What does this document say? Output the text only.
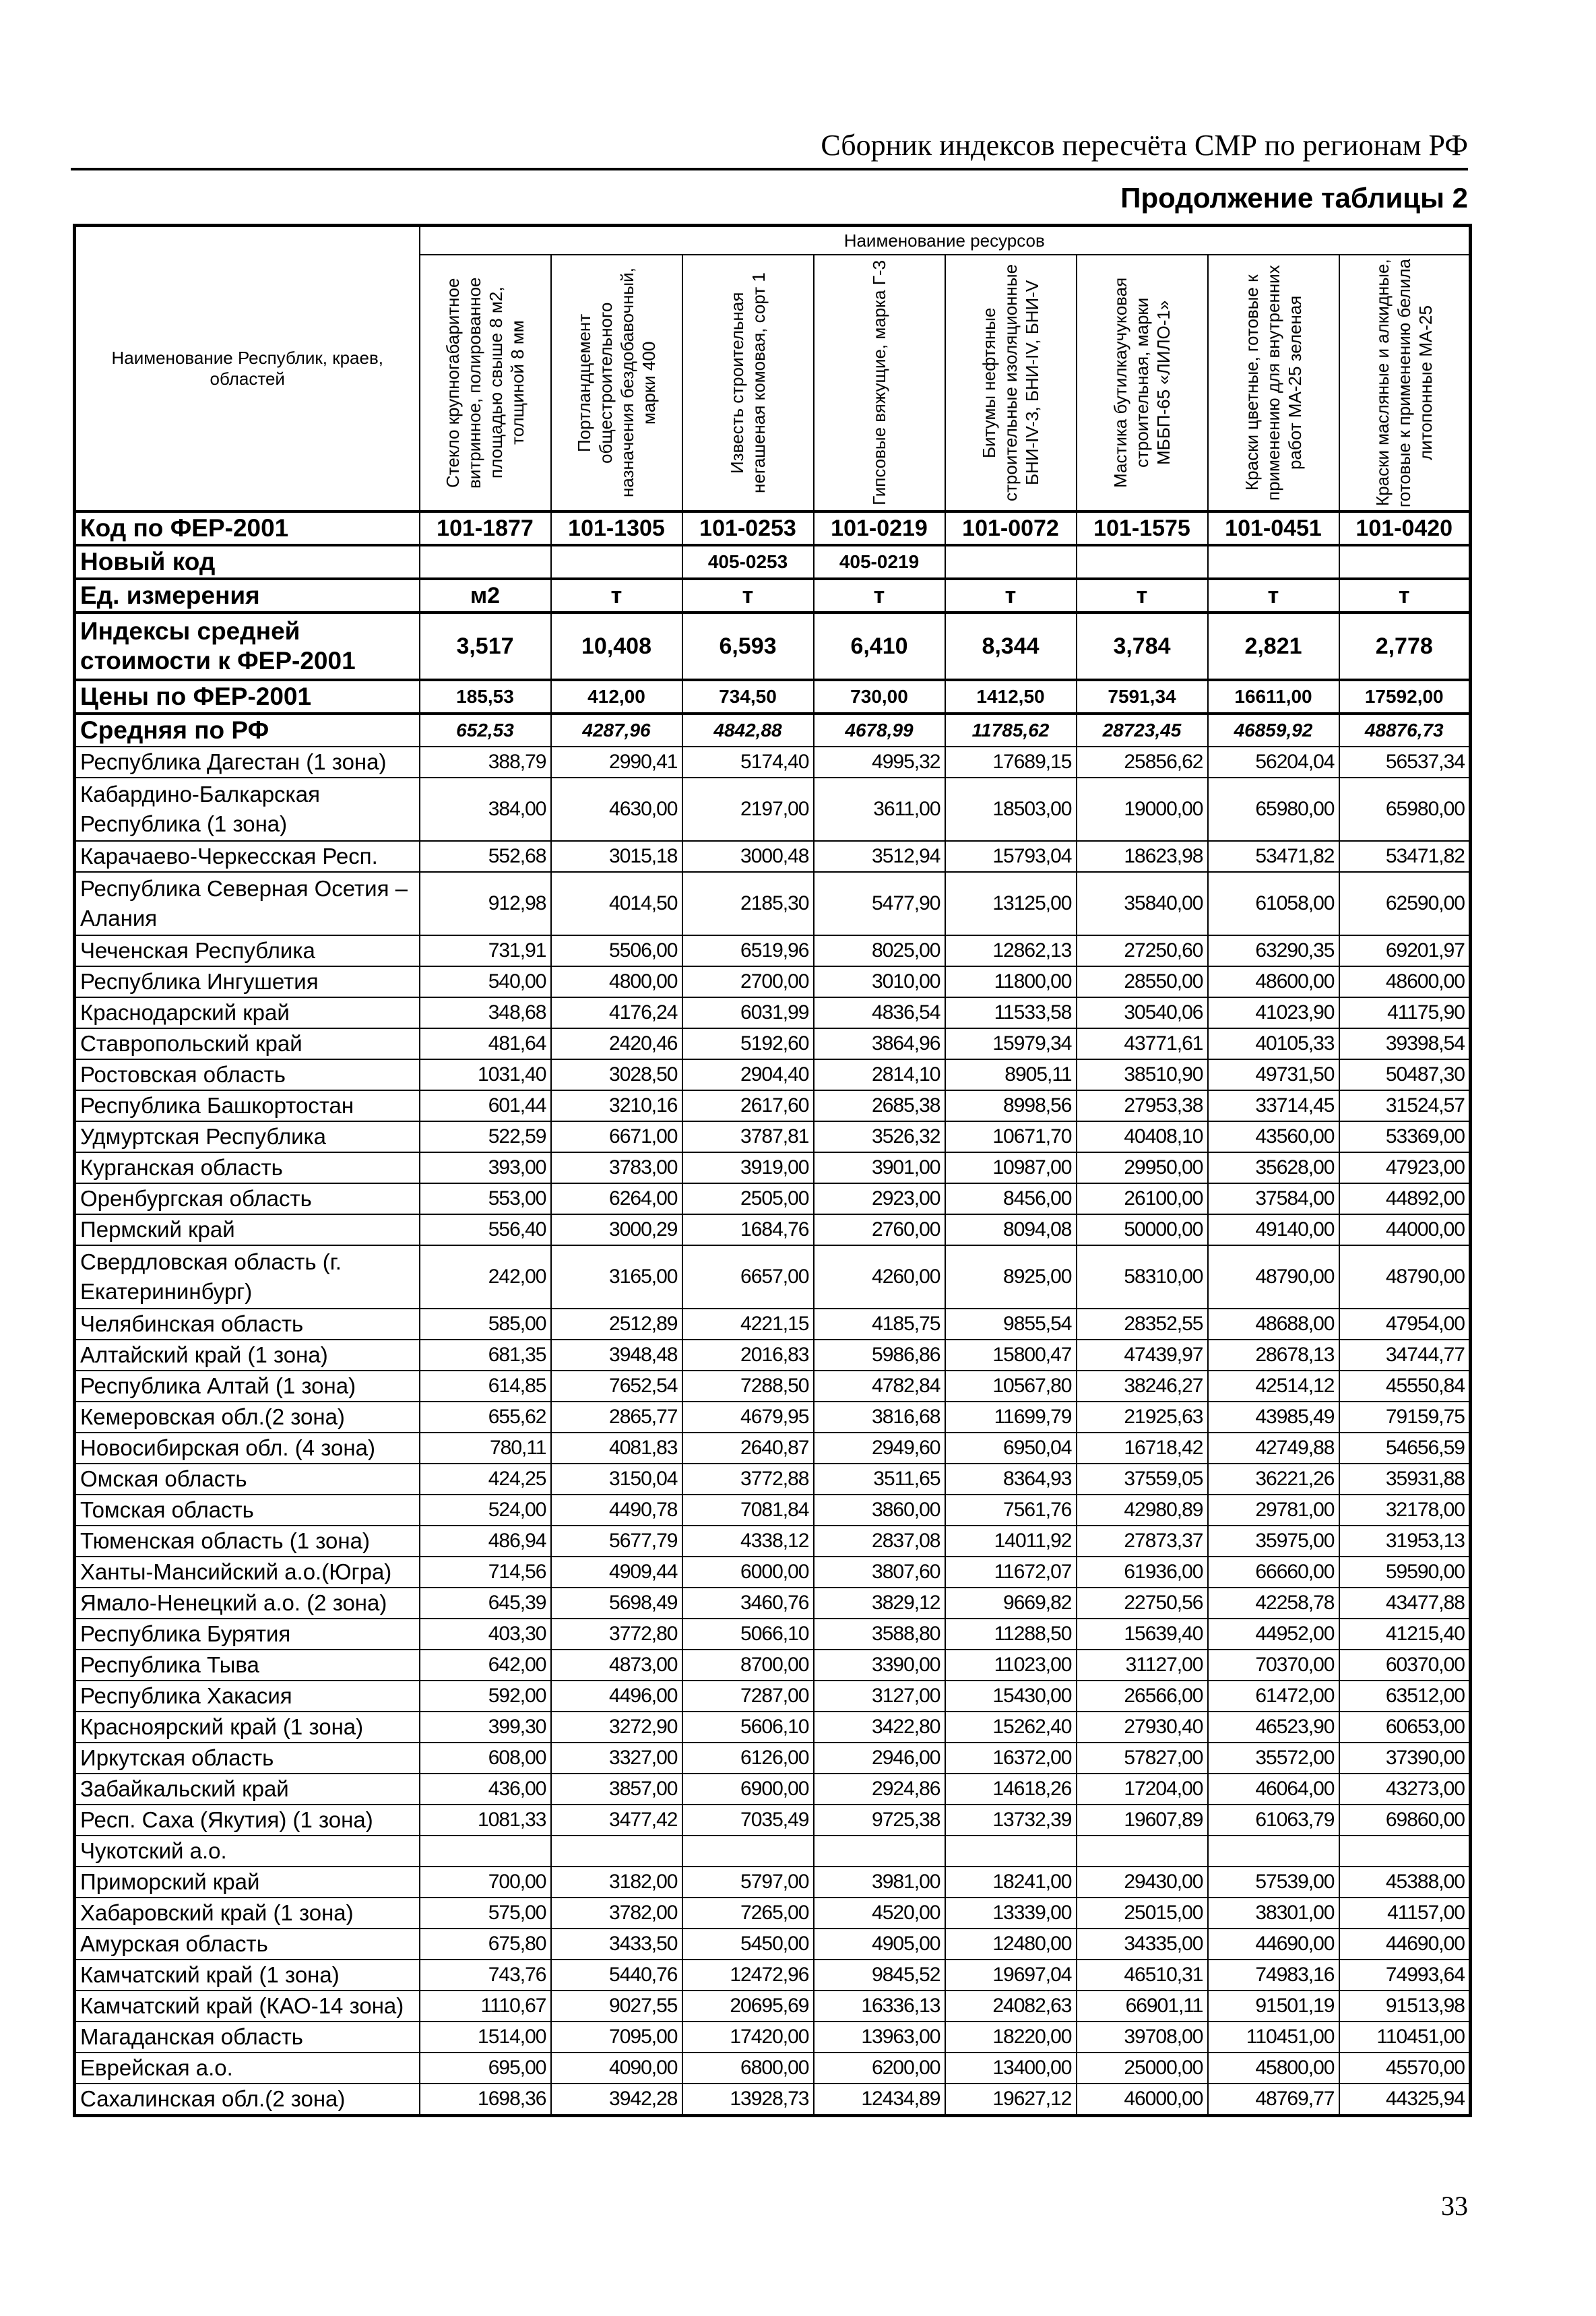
Сборник индексов пересчёта СМР по регионам РФ
Продолжение таблицы 2
Наименование Республик, краев, областей	Наименование ресурсов							

	Стекло крупногабаритное витринное, полированное площадью свыше 8 м2, толщиной 8 мм	Портландцемент общестроительного назначения бездобавочный, марки 400	Известь строительная негашеная комовая, сорт 1	Гипсовые вяжущие, марка Г-3	Битумы нефтяные строительные изоляционные БНИ-IV-3, БНИ-IV, БНИ-V	Мастика бутилкаучуковая строительная, марки МББП-65 «ЛИЛО-1»	Краски цветные, готовые к применению для внутренних работ МА-25 зеленая	Краски масляные и алкидные, готовые к применению белила литопонные МА-25

Код по ФЕР-2001	101-1877	101-1305	101-0253	101-0219	101-0072	101-1575	101-0451	101-0420
Новый код			405-0253	405-0219				
Ед. измерения	м2	т	т	т	т	т	т	т
Индексы средней стоимости к ФЕР-2001	3,517	10,408	6,593	6,410	8,344	3,784	2,821	2,778
Цены по ФЕР-2001	185,53	412,00	734,50	730,00	1412,50	7591,34	16611,00	17592,00
Средняя по РФ	652,53	4287,96	4842,88	4678,99	11785,62	28723,45	46859,92	48876,73
Республика Дагестан (1 зона)	388,79	2990,41	5174,40	4995,32	17689,15	25856,62	56204,04	56537,34
Кабардино-Балкарская Республика (1 зона)	384,00	4630,00	2197,00	3611,00	18503,00	19000,00	65980,00	65980,00
Карачаево-Черкесская Респ.	552,68	3015,18	3000,48	3512,94	15793,04	18623,98	53471,82	53471,82
Республика Северная Осетия – Алания	912,98	4014,50	2185,30	5477,90	13125,00	35840,00	61058,00	62590,00
Чеченская Республика	731,91	5506,00	6519,96	8025,00	12862,13	27250,60	63290,35	69201,97
Республика Ингушетия	540,00	4800,00	2700,00	3010,00	11800,00	28550,00	48600,00	48600,00
Краснодарский край	348,68	4176,24	6031,99	4836,54	11533,58	30540,06	41023,90	41175,90
Ставропольский край	481,64	2420,46	5192,60	3864,96	15979,34	43771,61	40105,33	39398,54
Ростовская область	1031,40	3028,50	2904,40	2814,10	8905,11	38510,90	49731,50	50487,30
Республика Башкортостан	601,44	3210,16	2617,60	2685,38	8998,56	27953,38	33714,45	31524,57
Удмуртская Республика	522,59	6671,00	3787,81	3526,32	10671,70	40408,10	43560,00	53369,00
Курганская область	393,00	3783,00	3919,00	3901,00	10987,00	29950,00	35628,00	47923,00
Оренбургская область	553,00	6264,00	2505,00	2923,00	8456,00	26100,00	37584,00	44892,00
Пермский край	556,40	3000,29	1684,76	2760,00	8094,08	50000,00	49140,00	44000,00
Свердловская область (г. Екатерининбург)	242,00	3165,00	6657,00	4260,00	8925,00	58310,00	48790,00	48790,00
Челябинская область	585,00	2512,89	4221,15	4185,75	9855,54	28352,55	48688,00	47954,00
Алтайский край (1 зона)	681,35	3948,48	2016,83	5986,86	15800,47	47439,97	28678,13	34744,77
Республика Алтай (1 зона)	614,85	7652,54	7288,50	4782,84	10567,80	38246,27	42514,12	45550,84
Кемеровская обл.(2 зона)	655,62	2865,77	4679,95	3816,68	11699,79	21925,63	43985,49	79159,75
Новосибирская обл. (4 зона)	780,11	4081,83	2640,87	2949,60	6950,04	16718,42	42749,88	54656,59
Омская область	424,25	3150,04	3772,88	3511,65	8364,93	37559,05	36221,26	35931,88
Томская область	524,00	4490,78	7081,84	3860,00	7561,76	42980,89	29781,00	32178,00
Тюменская область (1 зона)	486,94	5677,79	4338,12	2837,08	14011,92	27873,37	35975,00	31953,13
Ханты-Мансийский а.о.(Югра)	714,56	4909,44	6000,00	3807,60	11672,07	61936,00	66660,00	59590,00
Ямало-Ненецкий а.о. (2 зона)	645,39	5698,49	3460,76	3829,12	9669,82	22750,56	42258,78	43477,88
Республика Бурятия	403,30	3772,80	5066,10	3588,80	11288,50	15639,40	44952,00	41215,40
Республика Тыва	642,00	4873,00	8700,00	3390,00	11023,00	31127,00	70370,00	60370,00
Республика Хакасия	592,00	4496,00	7287,00	3127,00	15430,00	26566,00	61472,00	63512,00
Красноярский край (1 зона)	399,30	3272,90	5606,10	3422,80	15262,40	27930,40	46523,90	60653,00
Иркутская область	608,00	3327,00	6126,00	2946,00	16372,00	57827,00	35572,00	37390,00
Забайкальский край	436,00	3857,00	6900,00	2924,86	14618,26	17204,00	46064,00	43273,00
Респ. Саха (Якутия) (1 зона)	1081,33	3477,42	7035,49	9725,38	13732,39	19607,89	61063,79	69860,00
Чукотский а.о.								
Приморский край	700,00	3182,00	5797,00	3981,00	18241,00	29430,00	57539,00	45388,00
Хабаровский край (1 зона)	575,00	3782,00	7265,00	4520,00	13339,00	25015,00	38301,00	41157,00
Амурская область	675,80	3433,50	5450,00	4905,00	12480,00	34335,00	44690,00	44690,00
Камчатский край (1 зона)	743,76	5440,76	12472,96	9845,52	19697,04	46510,31	74983,16	74993,64
Камчатский край (КАО-14 зона)	1110,67	9027,55	20695,69	16336,13	24082,63	66901,11	91501,19	91513,98
Магаданская область	1514,00	7095,00	17420,00	13963,00	18220,00	39708,00	110451,00	110451,00
Еврейская а.о.	695,00	4090,00	6800,00	6200,00	13400,00	25000,00	45800,00	45570,00
Сахалинская обл.(2 зона)	1698,36	3942,28	13928,73	12434,89	19627,12	46000,00	48769,77	44325,94
33
